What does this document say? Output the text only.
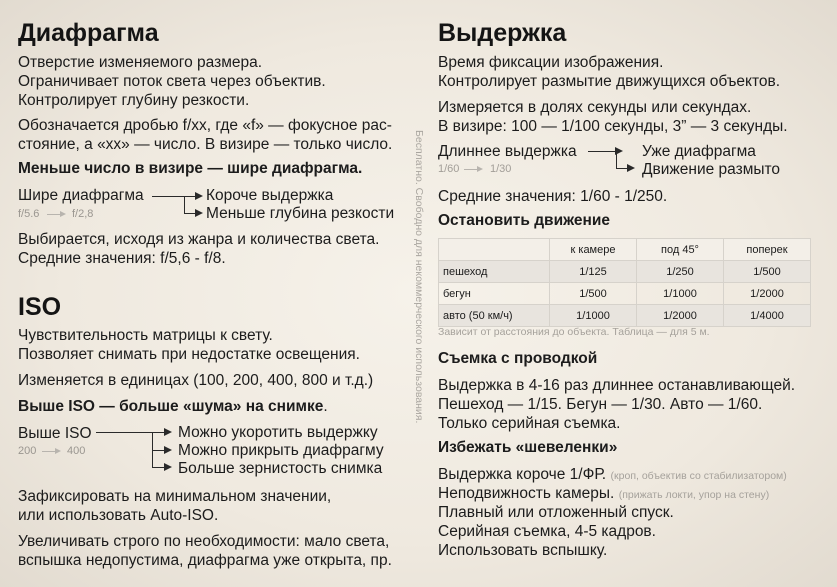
Диафрагма
Отверстие изменяемого размера.
Ограничивает поток света через объектив.
Контролирует глубину резкости.
Обозначается дробью f/хх, где «f» — фокусное рас-
стояние, а «хх» — число. В визире — только число.
Меньше число в визире — шире диафрагма.
Шире диафрагма	Короче выдержка
Меньше глубина резкости
f/5.6	f/2,8
Выбирается, исходя из жанра и количества света.
Средние значения: f/5,6 - f/8.
ISO
Чувствительность матрицы к свету.
Позволяет снимать при недостатке освещения.
Изменяется в единицах (100, 200, 400, 800 и т.д.)
Выше ISO — больше «шума» на снимке.
Выше ISO	Можно укоротить выдержку
Можно прикрыть диафрагму
Больше зернистость снимка
200	400
Зафиксировать на минимальном значении,
или использовать Auto-ISO.
Увеличивать строго по необходимости: мало света,
вспышка недопустима, диафрагма уже открыта, пр.
Бесплатно. Свободно для некоммерческого использования.
Выдержка
Время фиксации изображения.
Контролирует размытие движущихся объектов.
Измеряется в долях секунды или секундах.
В визире: 100 — 1/100 секунды, 3” — 3 секунды.
Длиннее выдержка	Уже диафрагма
Движение размыто
1/60	1/30
Средние значения: 1/60 - 1/250.
Остановить движение
	к камере	под 45°	поперек
пешеход	1/125	1/250	1/500
бегун	1/500	1/1000	1/2000
авто (50 км/ч)	1/1000	1/2000	1/4000
Зависит от расстояния до объекта. Таблица — для 5 м.
Съемка с проводкой
Выдержка в 4-16 раз длиннее останавливающей.
Пешеход — 1/15. Бегун — 1/30. Авто — 1/60.
Только серийная съемка.
Избежать «шевеленки»
Выдержка короче 1/ФР. (кроп, объектив со стабилизатором)
Неподвижность камеры. (прижать локти, упор на стену)
Плавный или отложенный спуск.
Серийная съемка, 4-5 кадров.
Использовать вспышку.
